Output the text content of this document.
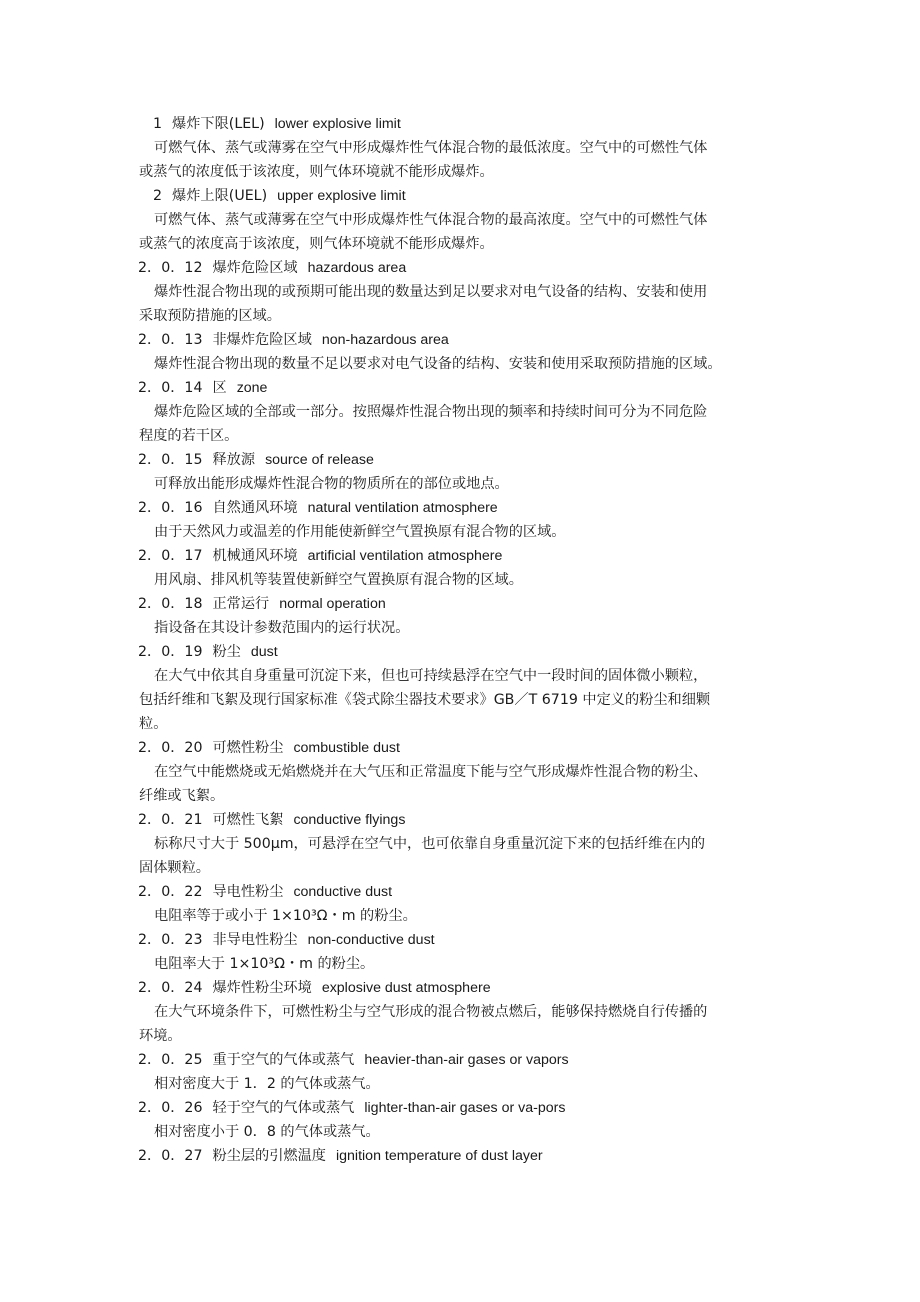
1 爆炸下限(LEL) lower explosive limit
可燃气体、蒸气或薄雾在空气中形成爆炸性气体混合物的最低浓度。空气中的可燃性气体
或蒸气的浓度低于该浓度，则气体环境就不能形成爆炸。
2 爆炸上限(UEL) upper explosive limit
可燃气体、蒸气或薄雾在空气中形成爆炸性气体混合物的最高浓度。空气中的可燃性气体
或蒸气的浓度高于该浓度，则气体环境就不能形成爆炸。
2．0．12 爆炸危险区域 hazardous area
爆炸性混合物出现的或预期可能出现的数量达到足以要求对电气设备的结构、安装和使用
采取预防措施的区域。
2．0．13 非爆炸危险区域 non-hazardous area
爆炸性混合物出现的数量不足以要求对电气设备的结构、安装和使用采取预防措施的区域。
2．0．14 区 zone
爆炸危险区域的全部或一部分。按照爆炸性混合物出现的频率和持续时间可分为不同危险
程度的若干区。
2．0．15 释放源 source of release
可释放出能形成爆炸性混合物的物质所在的部位或地点。
2．0．16 自然通风环境 natural ventilation atmosphere
由于天然风力或温差的作用能使新鲜空气置换原有混合物的区域。
2．0．17 机械通风环境 artificial ventilation atmosphere
用风扇、排风机等装置使新鲜空气置换原有混合物的区域。
2．0．18 正常运行 normal operation
指设备在其设计参数范围内的运行状况。
2．0．19 粉尘 dust
在大气中依其自身重量可沉淀下来，但也可持续悬浮在空气中一段时间的固体微小颗粒，
包括纤维和飞絮及现行国家标准《袋式除尘器技术要求》GB／T 6719 中定义的粉尘和细颗
粒。
2．0．20 可燃性粉尘 combustible dust
在空气中能燃烧或无焰燃烧并在大气压和正常温度下能与空气形成爆炸性混合物的粉尘、
纤维或飞絮。
2．0．21 可燃性飞絮 conductive flyings
标称尺寸大于 500μm，可悬浮在空气中，也可依靠自身重量沉淀下来的包括纤维在内的
固体颗粒。
2．0．22 导电性粉尘 conductive dust
电阻率等于或小于 1×10³Ω・m 的粉尘。
2．0．23 非导电性粉尘 non-conductive dust
电阻率大于 1×10³Ω・m 的粉尘。
2．0．24 爆炸性粉尘环境 explosive dust atmosphere
在大气环境条件下，可燃性粉尘与空气形成的混合物被点燃后，能够保持燃烧自行传播的
环境。
2．0．25 重于空气的气体或蒸气 heavier-than-air gases or vapors
相对密度大于 1．2 的气体或蒸气。
2．0．26 轻于空气的气体或蒸气 lighter-than-air gases or va-pors
相对密度小于 0．8 的气体或蒸气。
2．0．27 粉尘层的引燃温度 ignition temperature of dust layer
